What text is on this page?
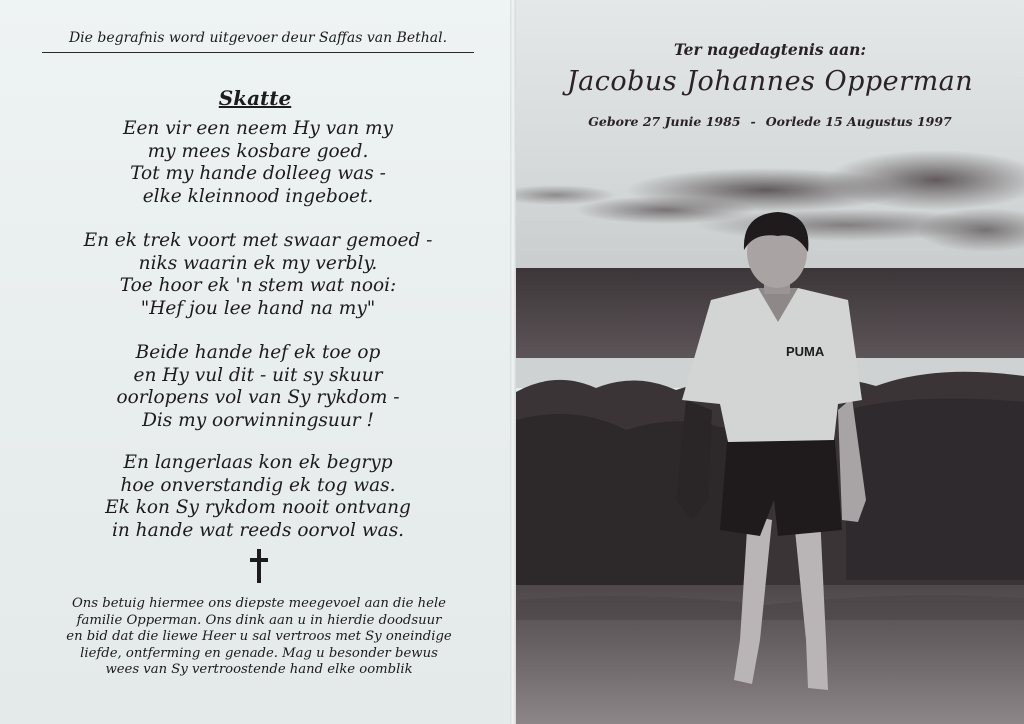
Die begrafnis word uitgevoer deur Saffas van Bethal.
Skatte
Een vir een neem Hy van my
my mees kosbare goed.
Tot my hande dolleeg was -
elke kleinnood ingeboet.
En ek trek voort met swaar gemoed -
niks waarin ek my verbly.
Toe hoor ek 'n stem wat nooi:
"Hef jou lee hand na my"
Beide hande hef ek toe op
en Hy vul dit - uit sy skuur
oorlopens vol van Sy rykdom -
Dis my oorwinningsuur !
En langerlaas kon ek begryp
hoe onverstandig ek tog was.
Ek kon Sy rykdom nooit ontvang
in hande wat reeds oorvol was.
Ons betuig hiermee ons diepste meegevoel aan die hele
familie Opperman. Ons dink aan u in hierdie doodsuur
en bid dat die liewe Heer u sal vertroos met Sy oneindige
liefde, ontferming en genade. Mag u besonder bewus
wees van Sy vertroostende hand elke oomblik
PUMA
Ter nagedagtenis aan:
Jacobus Johannes Opperman
Gebore 27 Junie 1985 - Oorlede 15 Augustus 1997
